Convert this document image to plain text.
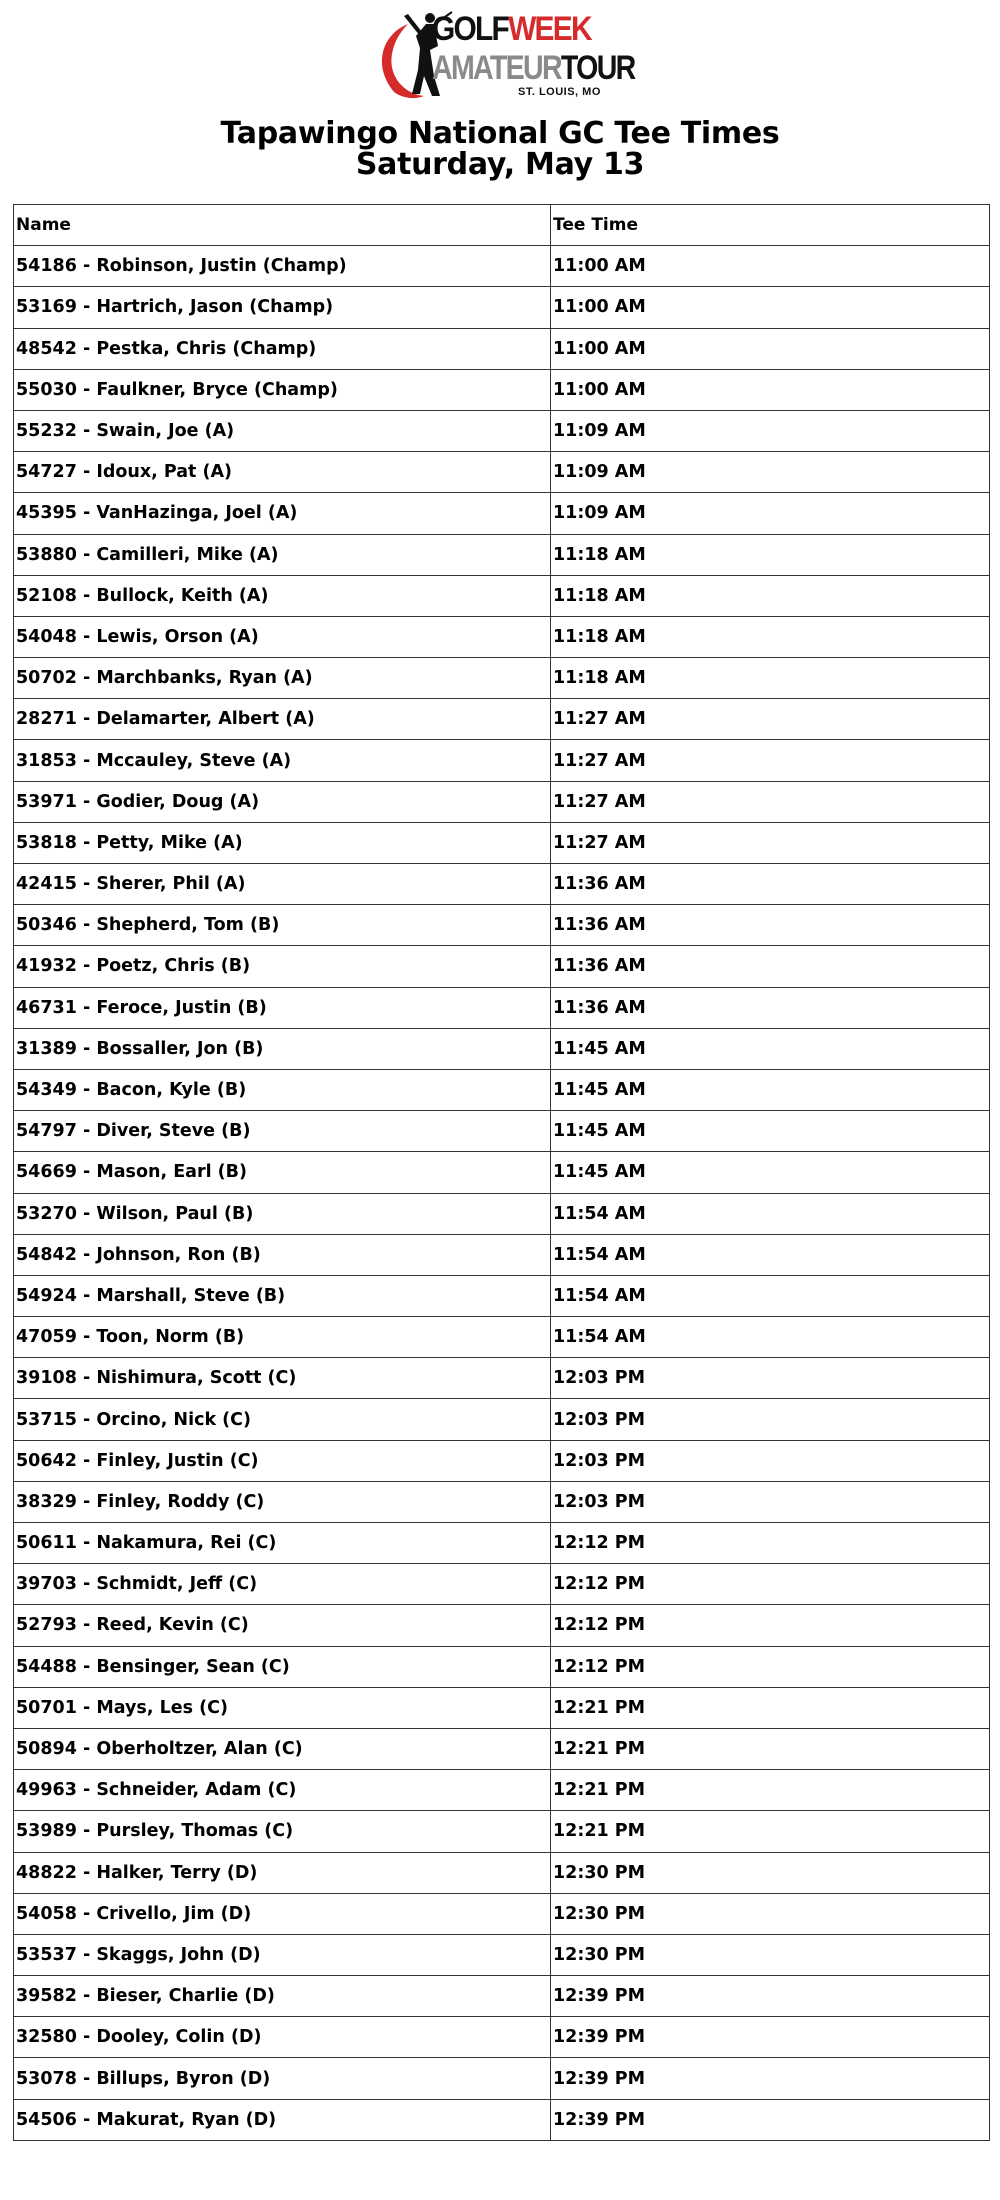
GOLFWEEK
AMATEURTOUR
ST. LOUIS, MO
Tapawingo National GC Tee Times
Saturday, May 13
Name	Tee Time
54186 - Robinson, Justin (Champ)	11:00 AM
53169 - Hartrich, Jason (Champ)	11:00 AM
48542 - Pestka, Chris (Champ)	11:00 AM
55030 - Faulkner, Bryce (Champ)	11:00 AM
55232 - Swain, Joe (A)	11:09 AM
54727 - Idoux, Pat (A)	11:09 AM
45395 - VanHazinga, Joel (A)	11:09 AM
53880 - Camilleri, Mike (A)	11:18 AM
52108 - Bullock, Keith (A)	11:18 AM
54048 - Lewis, Orson (A)	11:18 AM
50702 - Marchbanks, Ryan (A)	11:18 AM
28271 - Delamarter, Albert (A)	11:27 AM
31853 - Mccauley, Steve (A)	11:27 AM
53971 - Godier, Doug (A)	11:27 AM
53818 - Petty, Mike (A)	11:27 AM
42415 - Sherer, Phil (A)	11:36 AM
50346 - Shepherd, Tom (B)	11:36 AM
41932 - Poetz, Chris (B)	11:36 AM
46731 - Feroce, Justin (B)	11:36 AM
31389 - Bossaller, Jon (B)	11:45 AM
54349 - Bacon, Kyle (B)	11:45 AM
54797 - Diver, Steve (B)	11:45 AM
54669 - Mason, Earl (B)	11:45 AM
53270 - Wilson, Paul (B)	11:54 AM
54842 - Johnson, Ron (B)	11:54 AM
54924 - Marshall, Steve (B)	11:54 AM
47059 - Toon, Norm (B)	11:54 AM
39108 - Nishimura, Scott (C)	12:03 PM
53715 - Orcino, Nick (C)	12:03 PM
50642 - Finley, Justin (C)	12:03 PM
38329 - Finley, Roddy (C)	12:03 PM
50611 - Nakamura, Rei (C)	12:12 PM
39703 - Schmidt, Jeff (C)	12:12 PM
52793 - Reed, Kevin (C)	12:12 PM
54488 - Bensinger, Sean (C)	12:12 PM
50701 - Mays, Les (C)	12:21 PM
50894 - Oberholtzer, Alan (C)	12:21 PM
49963 - Schneider, Adam (C)	12:21 PM
53989 - Pursley, Thomas (C)	12:21 PM
48822 - Halker, Terry (D)	12:30 PM
54058 - Crivello, Jim (D)	12:30 PM
53537 - Skaggs, John (D)	12:30 PM
39582 - Bieser, Charlie (D)	12:39 PM
32580 - Dooley, Colin (D)	12:39 PM
53078 - Billups, Byron (D)	12:39 PM
54506 - Makurat, Ryan (D)	12:39 PM
